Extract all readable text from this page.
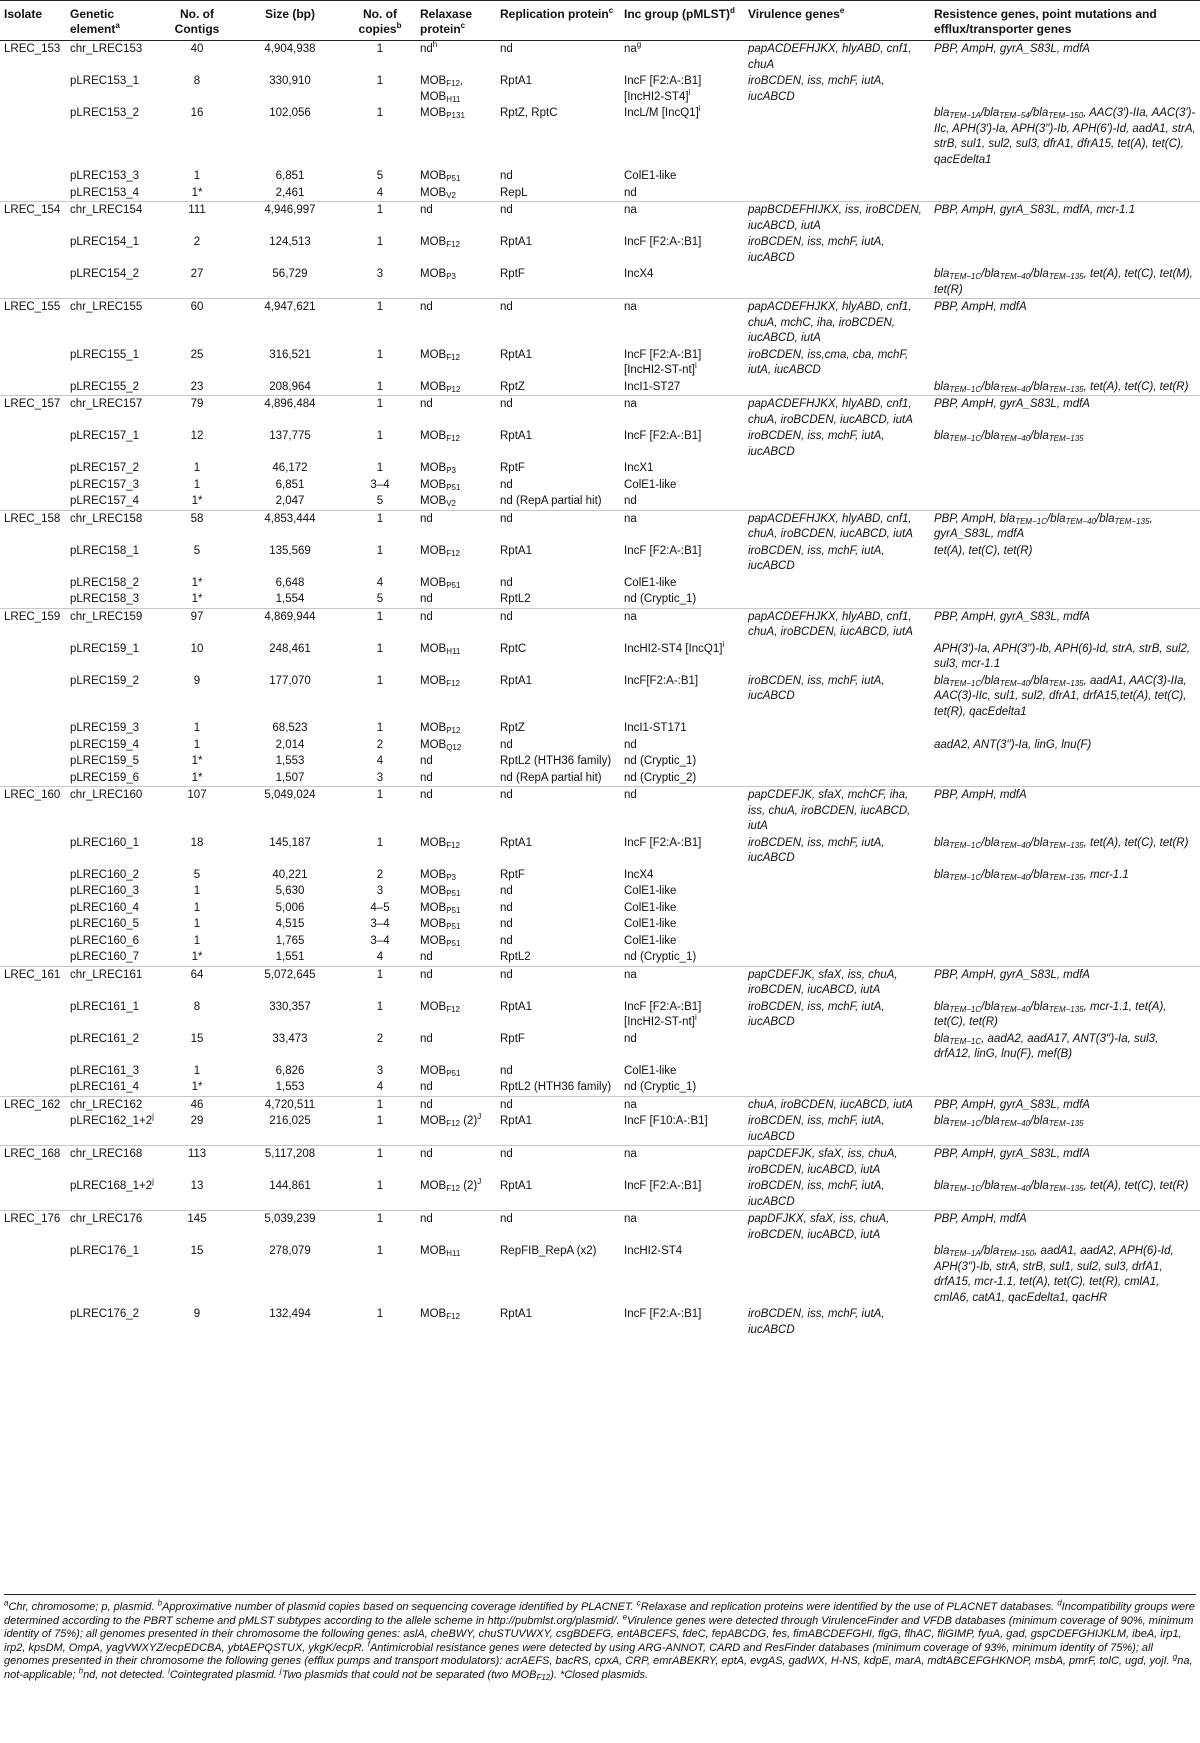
Isolate	Genetic element$^a$	No. of Contigs	Size (bp)	No. of copies$^b$	Relaxase protein$^c$	Replication protein$^c$	Inc group (pMLST)$^d$	Virulence genes$^e$	Resistence genes, point mutations and efflux/transporter genes
LREC_153	chr_LREC153	40	4,904,938	1	$nd^h$	nd	$na^g$	papACDEFHJKX, hlyABD, cnf1, chuA	PBP, AmpH, gyrA_S83L, mdfA
	pLREC153_1	8	330,910	1	$MOB_{F12}$, $MOB_{H11}$	RptA1	IncF [F2:A-:B1][IncHI2-ST4]$^i$	iroBCDEN, iss, mchF, iutA, iucABCD	
	pLREC153_2	16	102,056	1	$MOB_{P131}$	RptZ, RptC	IncL/M [IncQ1]$^i$		bla$_{TEM-1A}$/bla$_{TEM-54}$/bla$_{TEM-150}$, AAC(3′)-IIa, AAC(3′)-IIc, APH(3′)-Ia, APH(3′′)-Ib, APH(6′)-Id, aadA1, strA, strB, sul1, sul2, sul3, dfrA1, dfrA15, tet(A), tet(C), qacEdelta1
	pLREC153_3	1	6,851	5	$MOB_{P51}$	nd	ColE1-like		
	pLREC153_4	1*	2,461	4	$MOB_{V2}$	RepL	nd		
LREC_154	chr_LREC154	111	4,946,997	1	nd	nd	na	papBCDEFHIJKX, iss, iroBCDEN, iucABCD, iutA	PBP, AmpH, gyrA_S83L, mdfA, mcr-1.1
	pLREC154_1	2	124,513	1	$MOB_{F12}$	RptA1	IncF [F2:A-:B1]	iroBCDEN, iss, mchF, iutA, iucABCD	
	pLREC154_2	27	56,729	3	$MOB_{P3}$	RptF	IncX4		bla$_{TEM-1C}$/bla$_{TEM-40}$/bla$_{TEM-135}$, tet(A), tet(C), tet(M), tet(R)
LREC_155	chr_LREC155	60	4,947,621	1	nd	nd	na	papACDEFHJKX, hlyABD, cnf1, chuA, mchC, iha, iroBCDEN, iucABCD, iutA	PBP, AmpH, mdfA
	pLREC155_1	25	316,521	1	$MOB_{F12}$	RptA1	IncF [F2:A-:B1][IncHI2-ST-nt]$^i$	iroBCDEN, iss,cma, cba, mchF, iutA, iucABCD	
	pLREC155_2	23	208,964	1	$MOB_{P12}$	RptZ	IncI1-ST27		bla$_{TEM-1C}$/bla$_{TEM-40}$/bla$_{TEM-135}$, tet(A), tet(C), tet(R)
LREC_157	chr_LREC157	79	4,896,484	1	nd	nd	na	papACDEFHJKX, hlyABD, cnf1, chuA, iroBCDEN, iucABCD, iutA	PBP, AmpH, gyrA_S83L, mdfA
	pLREC157_1	12	137,775	1	$MOB_{F12}$	RptA1	IncF [F2:A-:B1]	iroBCDEN, iss, mchF, iutA, iucABCD	bla$_{TEM-1C}$/bla$_{TEM-40}$/bla$_{TEM-135}$
	pLREC157_2	1	46,172	1	$MOB_{P3}$	RptF	IncX1		
	pLREC157_3	1	6,851	3–4	$MOB_{P51}$	nd	ColE1-like		
	pLREC157_4	1*	2,047	5	$MOB_{V2}$	nd (RepA partial hit)	nd		
LREC_158	chr_LREC158	58	4,853,444	1	nd	nd	na	papACDEFHJKX, hlyABD, cnf1, chuA, iroBCDEN, iucABCD, iutA	PBP, AmpH, bla$_{TEM-1C}$/bla$_{TEM-40}$/bla$_{TEM-135}$, gyrA_S83L, mdfA
	pLREC158_1	5	135,569	1	$MOB_{F12}$	RptA1	IncF [F2:A-:B1]	iroBCDEN, iss, mchF, iutA, iucABCD	tet(A), tet(C), tet(R)
	pLREC158_2	1*	6,648	4	$MOB_{P51}$	nd	ColE1-like		
	pLREC158_3	1*	1,554	5	nd	RptL2	nd (Cryptic_1)		
LREC_159	chr_LREC159	97	4,869,944	1	nd	nd	na	papACDEFHJKX, hlyABD, cnf1, chuA, iroBCDEN, iucABCD, iutA	PBP, AmpH, gyrA_S83L, mdfA
	pLREC159_1	10	248,461	1	$MOB_{H11}$	RptC	IncHI2-ST4 [IncQ1]$^i$		APH(3′)-Ia, APH(3′′)-Ib, APH(6)-Id, strA, strB, sul2, sul3, mcr-1.1
	pLREC159_2	9	177,070	1	$MOB_{F12}$	RptA1	IncF[F2:A-:B1]	iroBCDEN, iss, mchF, iutA, iucABCD	bla$_{TEM-1C}$/bla$_{TEM-40}$/bla$_{TEM-135}$, aadA1, AAC(3)-IIa, AAC(3)-IIc, sul1, sul2, dfrA1, drfA15,tet(A), tet(C), tet(R), qacEdelta1
	pLREC159_3	1	68,523	1	$MOB_{P12}$	RptZ	IncI1-ST171		
	pLREC159_4	1	2,014	2	$MOB_{Q12}$	nd	nd		aadA2, ANT(3′′)-Ia, linG, lnu(F)
	pLREC159_5	1*	1,553	4	nd	RptL2 (HTH36 family)	nd (Cryptic_1)		
	pLREC159_6	1*	1,507	3	nd	nd (RepA partial hit)	nd (Cryptic_2)		
LREC_160	chr_LREC160	107	5,049,024	1	nd	nd	nd	papCDEFJK, sfaX, mchCF, iha, iss, chuA, iroBCDEN, iucABCD, iutA	PBP, AmpH, mdfA
	pLREC160_1	18	145,187	1	$MOB_{F12}$	RptA1	IncF [F2:A-:B1]	iroBCDEN, iss, mchF, iutA, iucABCD	bla$_{TEM-1C}$/bla$_{TEM-40}$/bla$_{TEM-135}$, tet(A), tet(C), tet(R)
	pLREC160_2	5	40,221	2	$MOB_{P3}$	RptF	IncX4		bla$_{TEM-1C}$/bla$_{TEM-40}$/bla$_{TEM-135}$, mcr-1.1
	pLREC160_3	1	5,630	3	$MOB_{P51}$	nd	ColE1-like		
	pLREC160_4	1	5,006	4–5	$MOB_{P51}$	nd	ColE1-like		
	pLREC160_5	1	4,515	3–4	$MOB_{P51}$	nd	ColE1-like		
	pLREC160_6	1	1,765	3–4	$MOB_{P51}$	nd	ColE1-like		
	pLREC160_7	1*	1,551	4	nd	RptL2	nd (Cryptic_1)		
LREC_161	chr_LREC161	64	5,072,645	1	nd	nd	na	papCDEFJK, sfaX, iss, chuA, iroBCDEN, iucABCD, iutA	PBP, AmpH, gyrA_S83L, mdfA
	pLREC161_1	8	330,357	1	$MOB_{F12}$	RptA1	IncF [F2:A-:B1][IncHI2-ST-nt]$^i$	iroBCDEN, iss, mchF, iutA, iucABCD	bla$_{TEM-1C}$/bla$_{TEM-40}$/bla$_{TEM-135}$, mcr-1.1, tet(A), tet(C), tet(R)
	pLREC161_2	15	33,473	2	nd	RptF	nd		bla$_{TEM-1C}$, aadA2, aadA17, ANT(3′′)-Ia, sul3, drfA12, linG, lnu(F), mef(B)
	pLREC161_3	1	6,826	3	$MOB_{P51}$	nd	ColE1-like		
	pLREC161_4	1*	1,553	4	nd	RptL2 (HTH36 family)	nd (Cryptic_1)		
LREC_162	chr_LREC162	46	4,720,511	1	nd	nd	na	chuA, iroBCDEN, iucABCD, iutA	PBP, AmpH, gyrA_S83L, mdfA
	$pLREC162\_1+2^j$	29	216,025	1	$MOB_{F12}$ $(2)^J$	RptA1	IncF [F10:A-:B1]	iroBCDEN, iss, mchF, iutA, iucABCD	bla$_{TEM-1C}$/bla$_{TEM-40}$/bla$_{TEM-135}$
LREC_168	chr_LREC168	113	5,117,208	1	nd	nd	na	papCDEFJK, sfaX, iss, chuA, iroBCDEN, iucABCD, iutA	PBP, AmpH, gyrA_S83L, mdfA
	$pLREC168\_1+2^j$	13	144,861	1	$MOB_{F12}$ $(2)^J$	RptA1	IncF [F2:A-:B1]	iroBCDEN, iss, mchF, iutA, iucABCD	bla$_{TEM-1C}$/bla$_{TEM-40}$/bla$_{TEM-135}$, tet(A), tet(C), tet(R)
LREC_176	chr_LREC176	145	5,039,239	1	nd	nd	na	papDFJKX, sfaX, iss, chuA, iroBCDEN, iucABCD, iutA	PBP, AmpH, mdfA
	pLREC176_1	15	278,079	1	$MOB_{H11}$	RepFIB_RepA (x2)	IncHI2-ST4		bla$_{TEM-1A}$/bla$_{TEM-150}$, aadA1, aadA2, APH(6)-Id, APH(3′′)-Ib, strA, strB, sul1, sul2, sul3, drfA1, drfA15, mcr-1.1, tet(A), tet(C), tet(R), cmlA1, cmlA6, catA1, qacEdelta1, qacHR
	pLREC176_2	9	132,494	1	$MOB_{F12}$	RptA1	IncF [F2:A-:B1]	iroBCDEN, iss, mchF, iutA, iucABCD	
$^a$Chr, chromosome; p, plasmid. $^b$Approximative number of plasmid copies based on sequencing coverage identified by PLACNET. $^c$Relaxase and replication proteins were identified by the use of PLACNET databases. $^d$Incompatibility groups were determined according to the PBRT scheme and pMLST subtypes according to the allele scheme in http://pubmlst.org/plasmid/. $^e$Virulence genes were detected through VirulenceFinder and VFDB databases (minimum coverage of 90%, minimum identity of 75%); all genomes presented in their chromosome the following genes: aslA, cheBWY, chuSTUVWXY, csgBDEFG, entABCEFS, fdeC, fepABCDG, fes, fimABCDEFGHI, flgG, flhAC, fliGIMP, fyuA, gad, gspCDEFGHIJKLM, ibeA, irp1, irp2, kpsDM, OmpA, yagVWXYZ/ecpEDCBA, ybtAEPQSTUX, ykgK/ecpR. $^f$Antimicrobial resistance genes were detected by using ARG-ANNOT, CARD and ResFinder databases (minimum coverage of 93%, minimum identity of 75%); all genomes presented in their chromosome the following genes (efflux pumps and transport modulators): acrAEFS, bacRS, cpxA, CRP, emrABEKRY, eptA, evgAS, gadWX, H-NS, kdpE, marA, mdtABCEFGHKNOP, msbA, pmrF, tolC, ugd, yojI. $^g$na, not-applicable; $^h$nd, not detected. $^i$Cointegrated plasmid. $^j$Two plasmids that could not be separated (two $MOB_{F12}$). *Closed plasmids.
